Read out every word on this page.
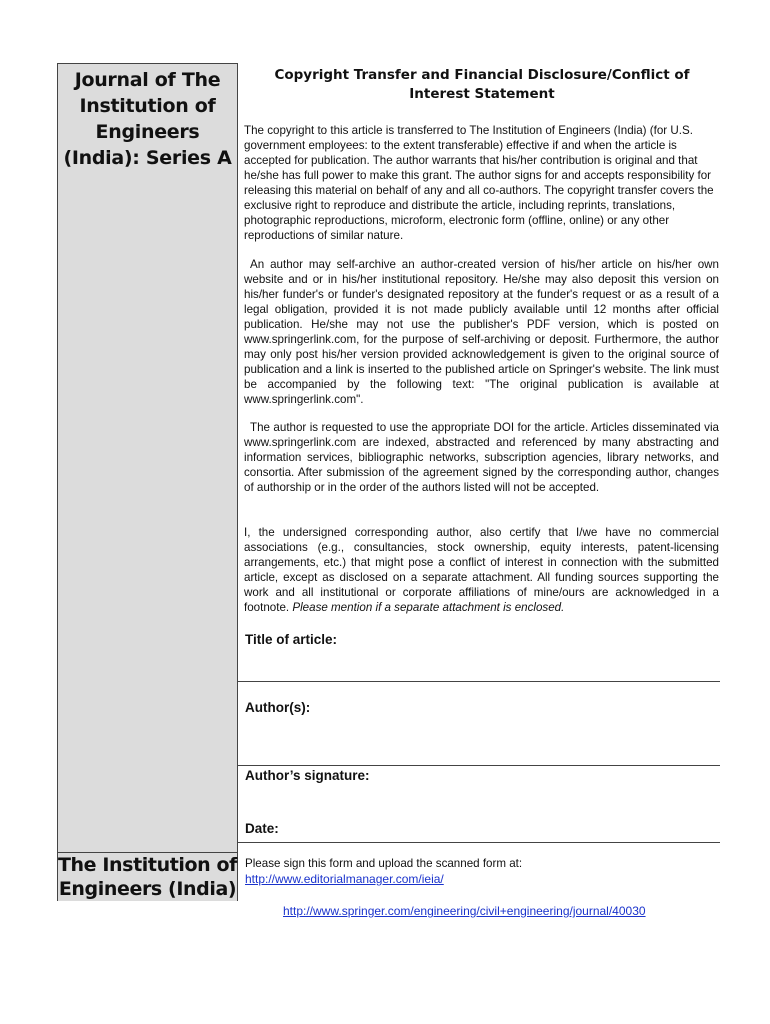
Journal of The Institution of Engineers (India): Series A
The Institution of Engineers (India)
Copyright Transfer and Financial Disclosure/Conflict of Interest Statement

The copyright to this article is transferred to The Institution of Engineers (India) (for U.S. government employees: to the extent transferable) effective if and when the article is accepted for publication. The author warrants that his/her contribution is original and that he/she has full power to make this grant. The author signs for and accepts responsibility for releasing this material on behalf of any and all co-authors. The copyright transfer covers the exclusive right to reproduce and distribute the article, including reprints, translations, photographic reproductions, microform, electronic form (offline, online) or any other reproductions of similar nature.

An author may self-archive an author-created version of his/her article on his/her own website and or in his/her institutional repository. He/she may also deposit this version on his/her funder's or funder's designated repository at the funder's request or as a result of a legal obligation, provided it is not made publicly available until 12 months after official publication. He/she may not use the publisher's PDF version, which is posted on www.springerlink.com, for the purpose of self-archiving or deposit. Furthermore, the author may only post his/her version provided acknowledgement is given to the original source of publication and a link is inserted to the published article on Springer's website. The link must be accompanied by the following text: "The original publication is available at www.springerlink.com".

The author is requested to use the appropriate DOI for the article. Articles disseminated via www.springerlink.com are indexed, abstracted and referenced by many abstracting and information services, bibliographic networks, subscription agencies, library networks, and consortia. After submission of the agreement signed by the corresponding author, changes of authorship or in the order of the authors listed will not be accepted.

I, the undersigned corresponding author, also certify that I/we have no commercial associations (e.g., consultancies, stock ownership, equity interests, patent-licensing arrangements, etc.) that might pose a conflict of interest in connection with the submitted article, except as disclosed on a separate attachment. All funding sources supporting the work and all institutional or corporate affiliations of mine/ours are acknowledged in a footnote. Please mention if a separate attachment is enclosed.

Title of article:

Author(s):

Author’s signature:

Date:

Please sign this form and upload the scanned form at:
http://www.editorialmanager.com/ieia/
http://www.springer.com/engineering/civil+engineering/journal/40030
